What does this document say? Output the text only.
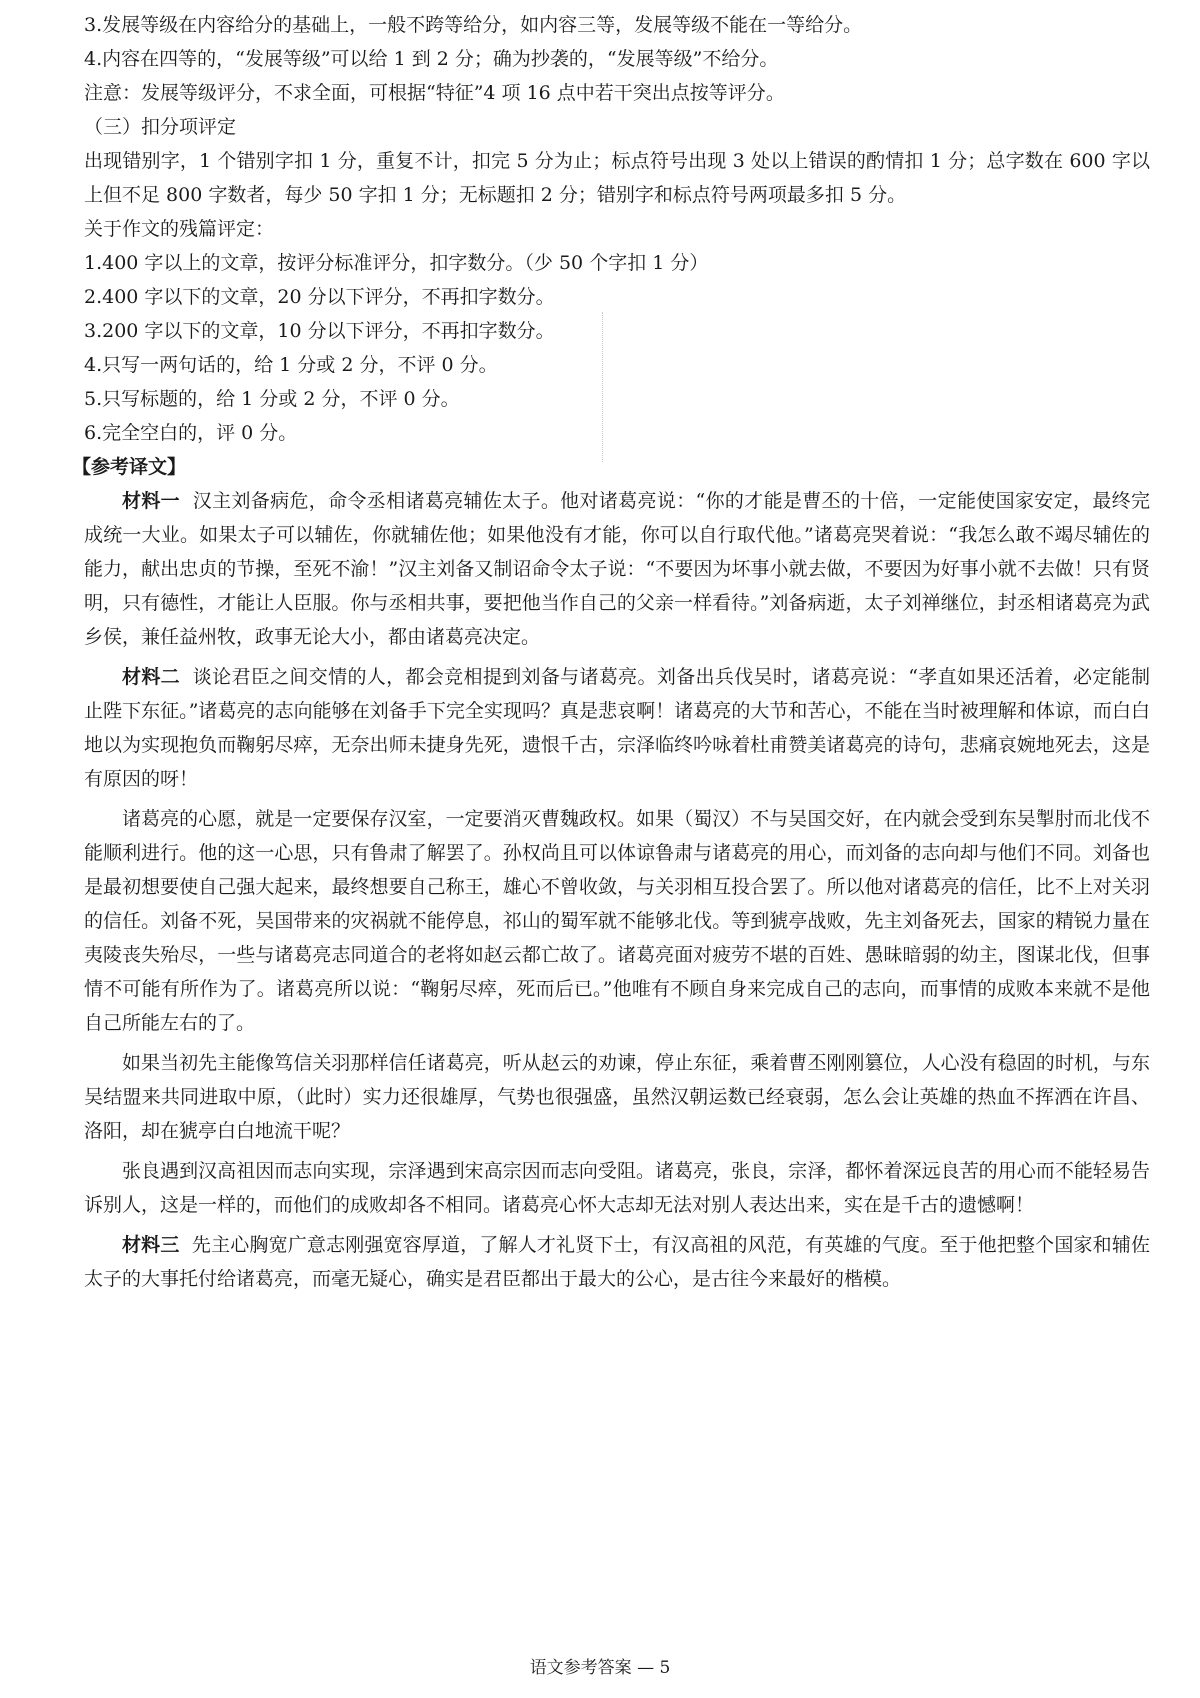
3.发展等级在内容给分的基础上，一般不跨等给分，如内容三等，发展等级不能在一等给分。

4.内容在四等的，“发展等级”可以给 1 到 2 分；确为抄袭的，“发展等级”不给分。

注意：发展等级评分，不求全面，可根据“特征”4 项 16 点中若干突出点按等评分。

（三）扣分项评定

出现错别字，1 个错别字扣 1 分，重复不计，扣完 5 分为止；标点符号出现 3 处以上错误的酌情扣 1 分；总字数在 600 字以上但不足 800 字数者，每少 50 字扣 1 分；无标题扣 2 分；错别字和标点符号两项最多扣 5 分。

关于作文的残篇评定：

1.400 字以上的文章，按评分标准评分，扣字数分。（少 50 个字扣 1 分）

2.400 字以下的文章，20 分以下评分，不再扣字数分。

3.200 字以下的文章，10 分以下评分，不再扣字数分。

4.只写一两句话的，给 1 分或 2 分，不评 0 分。

5.只写标题的，给 1 分或 2 分，不评 0 分。

6.完全空白的，评 0 分。

【参考译文】

材料一 汉主刘备病危，命令丞相诸葛亮辅佐太子。他对诸葛亮说：“你的才能是曹丕的十倍，一定能使国家安定，最终完成统一大业。如果太子可以辅佐，你就辅佐他；如果他没有才能，你可以自行取代他。”诸葛亮哭着说：“我怎么敢不竭尽辅佐的能力，献出忠贞的节操，至死不渝！”汉主刘备又制诏命令太子说：“不要因为坏事小就去做，不要因为好事小就不去做！只有贤明，只有德性，才能让人臣服。你与丞相共事，要把他当作自己的父亲一样看待。”刘备病逝，太子刘禅继位，封丞相诸葛亮为武乡侯，兼任益州牧，政事无论大小，都由诸葛亮决定。

材料二 谈论君臣之间交情的人，都会竞相提到刘备与诸葛亮。刘备出兵伐吴时，诸葛亮说：“孝直如果还活着，必定能制止陛下东征。”诸葛亮的志向能够在刘备手下完全实现吗？真是悲哀啊！诸葛亮的大节和苦心，不能在当时被理解和体谅，而白白地以为实现抱负而鞠躬尽瘁，无奈出师未捷身先死，遗恨千古，宗泽临终吟咏着杜甫赞美诸葛亮的诗句，悲痛哀婉地死去，这是有原因的呀！

诸葛亮的心愿，就是一定要保存汉室，一定要消灭曹魏政权。如果（蜀汉）不与吴国交好，在内就会受到东吴掣肘而北伐不能顺利进行。他的这一心思，只有鲁肃了解罢了。孙权尚且可以体谅鲁肃与诸葛亮的用心，而刘备的志向却与他们不同。刘备也是最初想要使自己强大起来，最终想要自己称王，雄心不曾收敛，与关羽相互投合罢了。所以他对诸葛亮的信任，比不上对关羽的信任。刘备不死，吴国带来的灾祸就不能停息，祁山的蜀军就不能够北伐。等到猇亭战败，先主刘备死去，国家的精锐力量在夷陵丧失殆尽，一些与诸葛亮志同道合的老将如赵云都亡故了。诸葛亮面对疲劳不堪的百姓、愚昧暗弱的幼主，图谋北伐，但事情不可能有所作为了。诸葛亮所以说：“鞠躬尽瘁，死而后已。”他唯有不顾自身来完成自己的志向，而事情的成败本来就不是他自己所能左右的了。

如果当初先主能像笃信关羽那样信任诸葛亮，听从赵云的劝谏，停止东征，乘着曹丕刚刚篡位，人心没有稳固的时机，与东吴结盟来共同进取中原，（此时）实力还很雄厚，气势也很强盛，虽然汉朝运数已经衰弱，怎么会让英雄的热血不挥洒在许昌、洛阳，却在猇亭白白地流干呢？

张良遇到汉高祖因而志向实现，宗泽遇到宋高宗因而志向受阻。诸葛亮，张良，宗泽，都怀着深远良苦的用心而不能轻易告诉别人，这是一样的，而他们的成败却各不相同。诸葛亮心怀大志却无法对别人表达出来，实在是千古的遗憾啊！

材料三 先主心胸宽广意志刚强宽容厚道，了解人才礼贤下士，有汉高祖的风范，有英雄的气度。至于他把整个国家和辅佐太子的大事托付给诸葛亮，而毫无疑心，确实是君臣都出于最大的公心，是古往今来最好的楷模。

语文参考答案 — 5
